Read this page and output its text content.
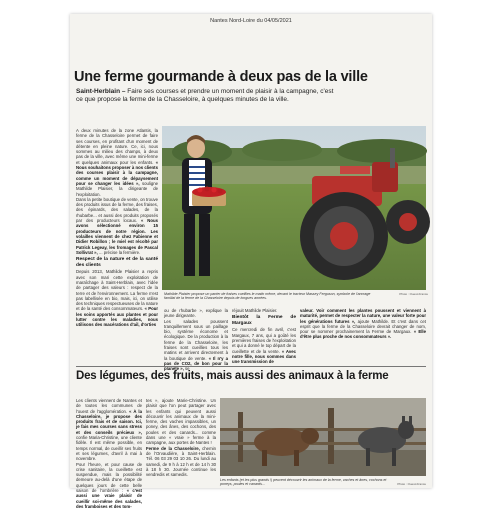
Nantes Nord-Loire du 04/05/2021
Une ferme gourmande à deux pas de la ville

Saint-Herblain – Faire ses courses et prendre un moment de plaisir à la campagne, c'est ce que propose la ferme de la Chasseloire, à quelques minutes de la ville.

A deux minutes de la zone Atlantis, la ferme de la Chasseloire permet de faire ses courses, en profitant d'un moment de détente en pleine nature. Ce, ici, nous sommes au milieu des champs, à deux pas de la ville, avec même une mini-ferme et quelques animaux pour les enfants. « Nous souhaitons proposer à nos clients des courses plaisir à la campagne, comme un moment de dépaysement pour se changer les idées », souligne Mathilde Plaisier, la dirigeante de l'exploitation.

Dans la petite boutique de vente, on trouve des produits issus de la ferme, des fraises, des épinards, des salades, de la rhubarbe... et aussi des produits proposés par des producteurs locaux. « Nous avons sélectionné environ 15 producteurs de notre région. Les volailles viennent de chez Fabienne et Didier Robillon ; le miel est récolté par Patrick Legeay, les fromages de Pascal Sollivrat », ... précise la fermière.

Respect de la nature et de la santé des clients

Depuis 2013, Mathilde Plaisier a repris avec son mari cette exploitation de maraîchage à Saint-Herblain, avec l'idée de partager des valeurs : respect de la terre et de l'environnement. La ferme n'est pas labellisée en bio, mais, ici, on utilise des techniques respectueuses de la nature et de la santé des consommateurs. « Pour les soins apportés aux plantes et pour lutter contre les maladies, nous utilisons des macérations d'ail, d'orties

Mathilde Plaisier propose un panier de fraises cueillies le matin même, devant le tracteur Massey Ferguson, symbole de l'ancrage familial de la ferme de la Chasseloire depuis de longues années.
Photo : Ouest-France

ou de rhubarbe », explique la jeune dirigeante.

Les salades poussent tranquillement sous un paillage bio, système économe et écologique. De la production à la ferme de la Chasseloire, les fraises sont cueillies tous les matins et arrivent directement à la boutique de vente. « Il n'y a pas de CO2, de bon pour la planète », se

réjouit Mathilde Plaisier.

Bientôt la Ferme de Margaux

Ce mercredi de fin avril, c'est Margaux, 7 ans, qui a goûté les premières fraises de l'exploitation et qui a donné le top départ de la cueillette et de la vente. « Avec notre fille, nous sommes dans une transmission de

valeur. Voir comment les plantes poussent et viennent à maturité, permet de respecter la nature, une valeur forte pour les générations futures », ajoute Mathilde. Et c'est dans cet esprit que la ferme de la Chasseloire devrait changer de nom, pour se nommer prochainement la Ferme de Margaux. « Elle d'être plus proche de nos consommateurs ».

Des légumes, des fruits, mais aussi des animaux à la ferme

Les clients viennent de Nantes et de toutes les communes de l'ouest de l'agglomération. « À la Chasseloire, je propose des produits frais et de saison. Ici, je fais mes courses sans stress et des conseils précieux », confie Maria-Christine, une cliente fidèle. Il est même possible, en temps normal, de cueillir ses fruits et ses légumes, d'avril à mai à novembre.

Pour l'heure, et pour cause de crise sanitaire, la cueillette est suspendue, mais la possibilité demeure au-delà d'une étape de quelques jours de cette belle saison de l'ombrière : « c'est aussi une vraie plaisir de cueillir soi-même des salades, des framboises et des tom-

tes », ajoute Marie-Christine. Un plaisir que l'on peut partager avec les enfants qui peuvent aussi découvrir les animaux de la mini-ferme, des vaches impassibles, un poney, des ânes, des cochons, des poules et des canards... comme dans une « vraie » ferme à la campagne, aux portes de Nantes !

Ferme de la Chasseloire, chemin de l'Orvaudière, à Saint-Herblain. Tél. 06 03 29 03 10 26. Du lundi au samedi, de 9 h à 12 h et de 14 h 30 à 18 h 30. Journée continue les vendredis et samedis.

Les enfants (et les plus grands !) peuvent découvrir les animaux de la ferme, vaches et ânes, cochons et poneys, poules et canards...	Photo : Ouest-France
